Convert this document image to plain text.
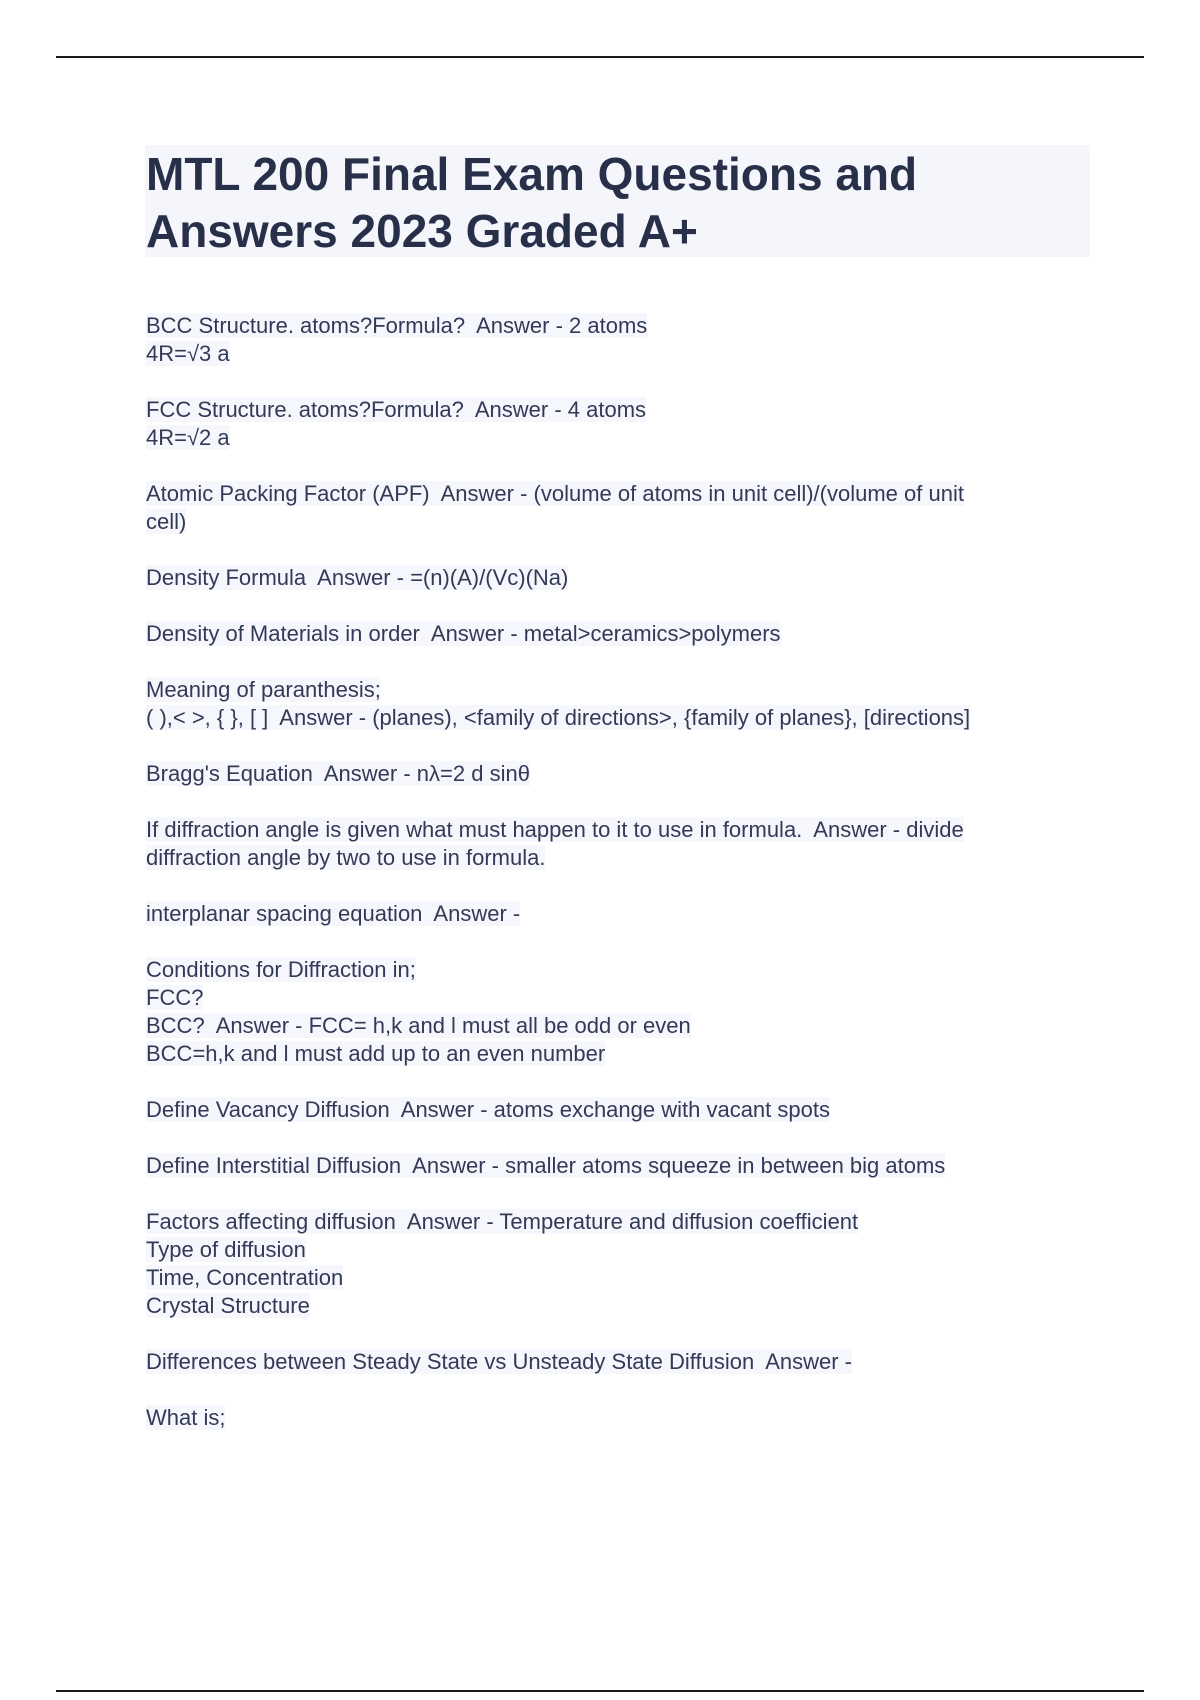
MTL 200 Final Exam Questions and Answers 2023 Graded A+
BCC Structure. atoms?Formula?  Answer - 2 atoms
4R=√3 a
FCC Structure. atoms?Formula?  Answer - 4 atoms
4R=√2 a
Atomic Packing Factor (APF)  Answer - (volume of atoms in unit cell)/(volume of unit
cell)
Density Formula  Answer - =(n)(A)/(Vc)(Na)
Density of Materials in order  Answer - metal>ceramics>polymers
Meaning of paranthesis;
( ),< >, { }, [ ]  Answer - (planes), <family of directions>, {family of planes}, [directions]
Bragg's Equation  Answer - nλ=2 d sinθ
If diffraction angle is given what must happen to it to use in formula.  Answer - divide
diffraction angle by two to use in formula.
interplanar spacing equation  Answer -
Conditions for Diffraction in;
FCC?
BCC?  Answer - FCC= h,k and l must all be odd or even
BCC=h,k and l must add up to an even number
Define Vacancy Diffusion  Answer - atoms exchange with vacant spots
Define Interstitial Diffusion  Answer - smaller atoms squeeze in between big atoms
Factors affecting diffusion  Answer - Temperature and diffusion coefficient
Type of diffusion
Time, Concentration
Crystal Structure
Differences between Steady State vs Unsteady State Diffusion  Answer -
What is;
